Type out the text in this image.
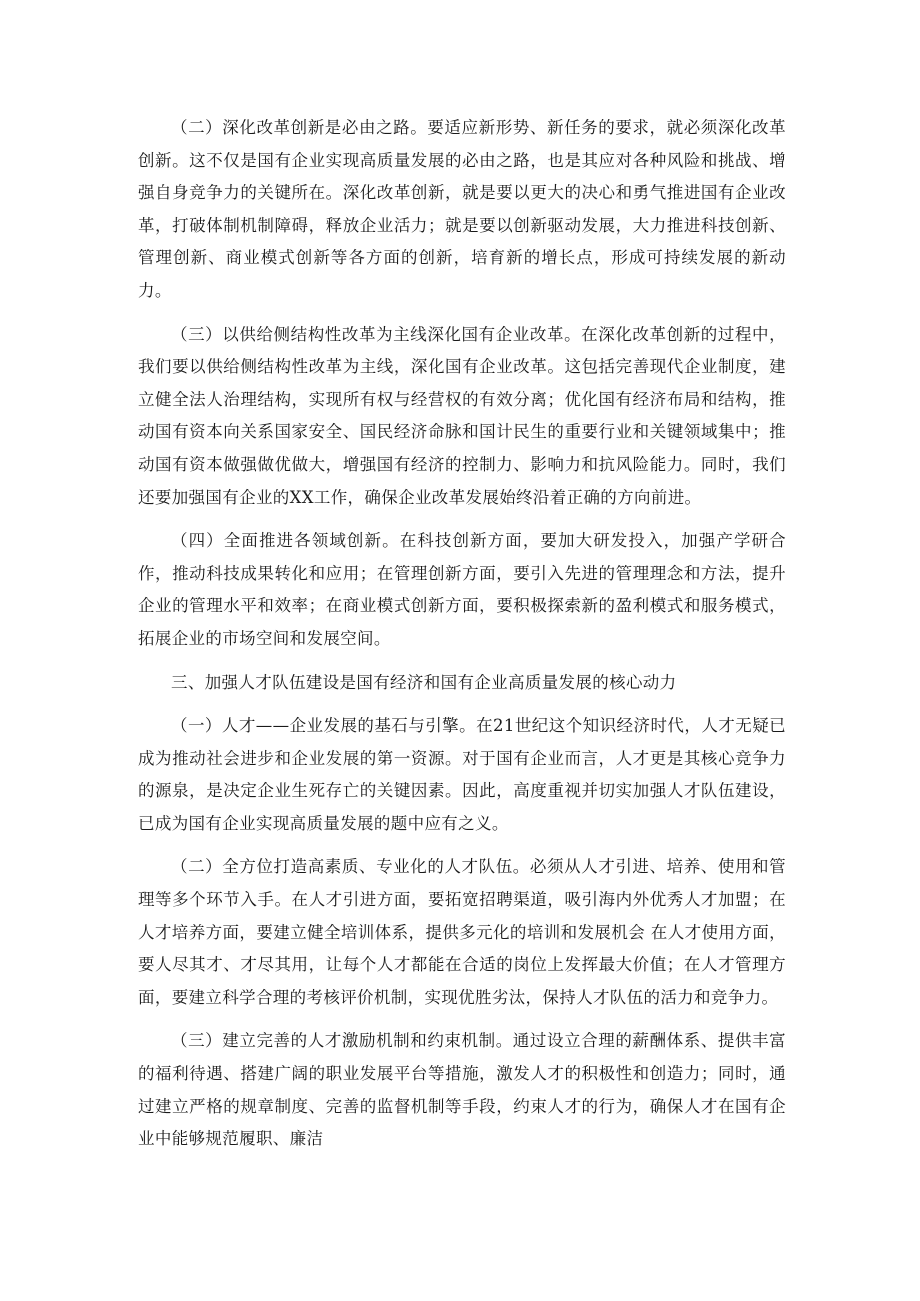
（二）深化改革创新是必由之路。要适应新形势、新任务的要求，就必须深化改革创新。这不仅是国有企业实现高质量发展的必由之路，也是其应对各种风险和挑战、增强自身竞争力的关键所在。深化改革创新，就是要以更大的决心和勇气推进国有企业改革，打破体制机制障碍，释放企业活力；就是要以创新驱动发展，大力推进科技创新、管理创新、商业模式创新等各方面的创新，培育新的增长点，形成可持续发展的新动力。

（三）以供给侧结构性改革为主线深化国有企业改革。在深化改革创新的过程中，我们要以供给侧结构性改革为主线，深化国有企业改革。这包括完善现代企业制度，建立健全法人治理结构，实现所有权与经营权的有效分离；优化国有经济布局和结构，推动国有资本向关系国家安全、国民经济命脉和国计民生的重要行业和关键领域集中；推动国有资本做强做优做大，增强国有经济的控制力、影响力和抗风险能力。同时，我们还要加强国有企业的XX工作，确保企业改革发展始终沿着正确的方向前进。

（四）全面推进各领域创新。在科技创新方面，要加大研发投入，加强产学研合作，推动科技成果转化和应用；在管理创新方面，要引入先进的管理理念和方法，提升企业的管理水平和效率；在商业模式创新方面，要积极探索新的盈利模式和服务模式，拓展企业的市场空间和发展空间。

三、加强人才队伍建设是国有经济和国有企业高质量发展的核心动力

（一）人才——企业发展的基石与引擎。在21世纪这个知识经济时代，人才无疑已成为推动社会进步和企业发展的第一资源。对于国有企业而言，人才更是其核心竞争力的源泉，是决定企业生死存亡的关键因素。因此，高度重视并切实加强人才队伍建设，已成为国有企业实现高质量发展的题中应有之义。

（二）全方位打造高素质、专业化的人才队伍。必须从人才引进、培养、使用和管理等多个环节入手。在人才引进方面，要拓宽招聘渠道，吸引海内外优秀人才加盟；在人才培养方面，要建立健全培训体系，提供多元化的培训和发展机会 在人才使用方面，要人尽其才、才尽其用，让每个人才都能在合适的岗位上发挥最大价值；在人才管理方面，要建立科学合理的考核评价机制，实现优胜劣汰，保持人才队伍的活力和竞争力。

（三）建立完善的人才激励机制和约束机制。通过设立合理的薪酬体系、提供丰富的福利待遇、搭建广阔的职业发展平台等措施，激发人才的积极性和创造力；同时，通过建立严格的规章制度、完善的监督机制等手段，约束人才的行为，确保人才在国有企业中能够规范履职、廉洁
